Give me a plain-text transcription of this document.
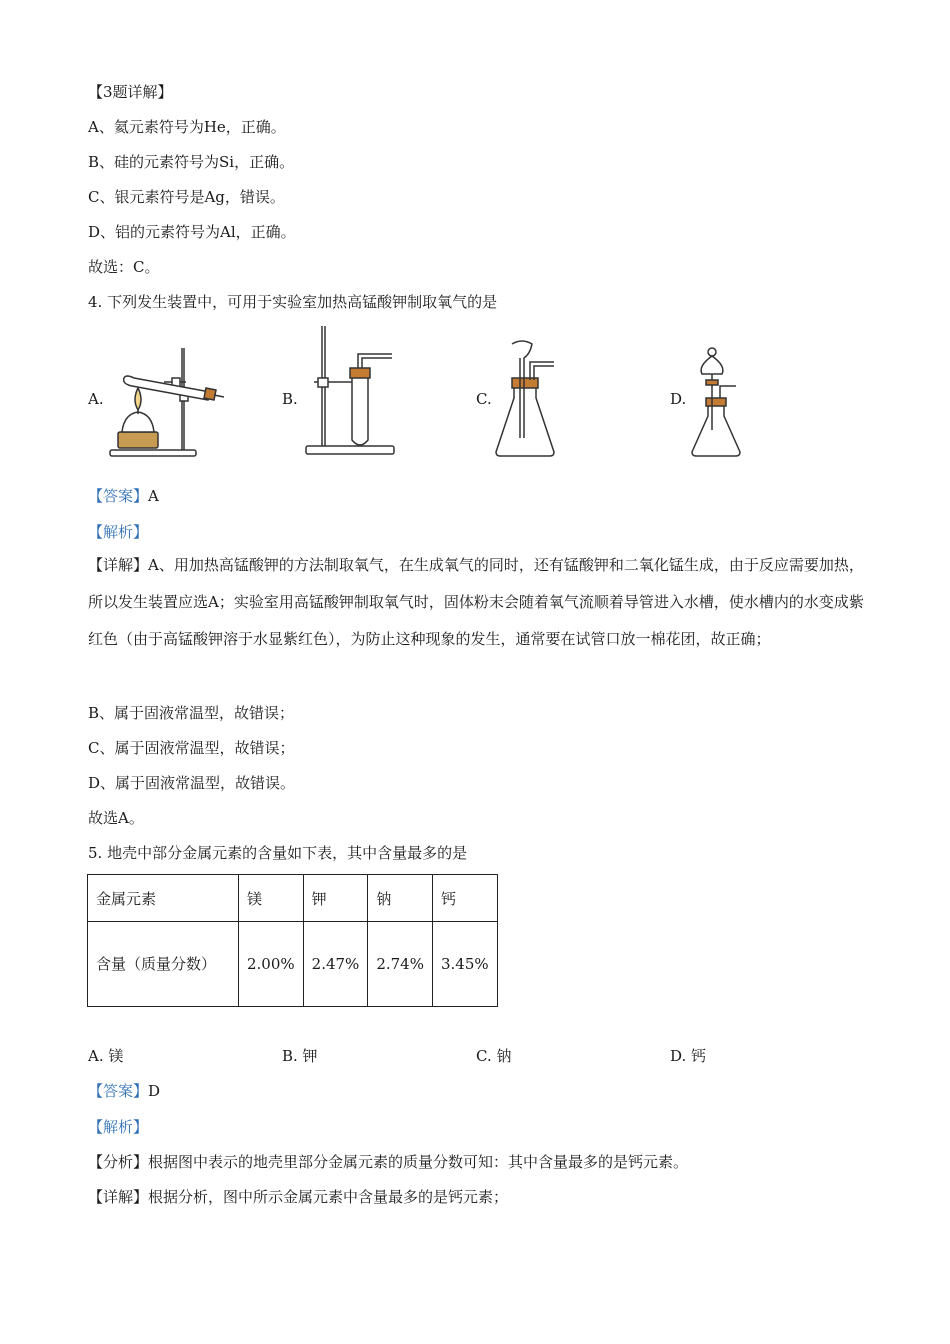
【3题详解】
A、氦元素符号为He，正确。
B、硅的元素符号为Si，正确。
C、银元素符号是Ag，错误。
D、铝的元素符号为Al，正确。
故选：C。
4. 下列发生装置中，可用于实验室加热高锰酸钾制取氧气的是
A.	B.	C.	D.
【答案】A
【解析】
【详解】A、用加热高锰酸钾的方法制取氧气，在生成氧气的同时，还有锰酸钾和二氧化锰生成，由于反应需要加热，所以发生装置应选A；实验室用高锰酸钾制取氧气时，固体粉末会随着氧气流顺着导管进入水槽，使水槽内的水变成紫红色（由于高锰酸钾溶于水显紫红色），为防止这种现象的发生，通常要在试管口放一棉花团，故正确；
B、属于固液常温型，故错误；
C、属于固液常温型，故错误；
D、属于固液常温型，故错误。
故选A。
5. 地壳中部分金属元素的含量如下表，其中含量最多的是
金属元素	镁	钾	钠	钙
含量（质量分数）	2.00%	2.47%	2.74%	3.45%
A. 镁	B. 钾	C. 钠	D. 钙
【答案】D
【解析】
【分析】根据图中表示的地壳里部分金属元素的质量分数可知：其中含量最多的是钙元素。
【详解】根据分析，图中所示金属元素中含量最多的是钙元素；
